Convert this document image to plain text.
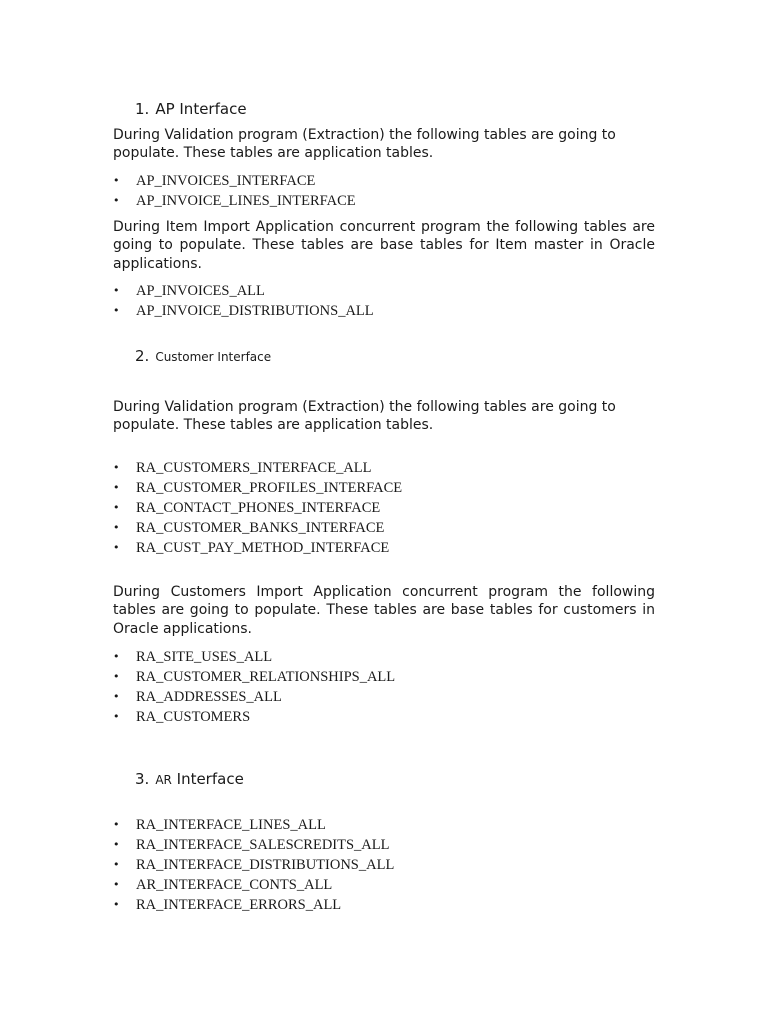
1. AP Interface

During Validation program (Extraction) the following tables are going to populate. These tables are application tables.

• AP_INVOICES_INTERFACE
• AP_INVOICE_LINES_INTERFACE

During Item Import Application concurrent program the following tables are going to populate. These tables are base tables for Item master in Oracle applications.

• AP_INVOICES_ALL
• AP_INVOICE_DISTRIBUTIONS_ALL
2. Customer Interface

During Validation program (Extraction) the following tables are going to populate. These tables are application tables.

• RA_CUSTOMERS_INTERFACE_ALL
• RA_CUSTOMER_PROFILES_INTERFACE
• RA_CONTACT_PHONES_INTERFACE
• RA_CUSTOMER_BANKS_INTERFACE
• RA_CUST_PAY_METHOD_INTERFACE

During Customers Import Application concurrent program the following tables are going to populate. These tables are base tables for customers in Oracle applications.

• RA_SITE_USES_ALL
• RA_CUSTOMER_RELATIONSHIPS_ALL
• RA_ADDRESSES_ALL
• RA_CUSTOMERS
3. AR Interface
• RA_INTERFACE_LINES_ALL
• RA_INTERFACE_SALESCREDITS_ALL
• RA_INTERFACE_DISTRIBUTIONS_ALL
• AR_INTERFACE_CONTS_ALL
• RA_INTERFACE_ERRORS_ALL
